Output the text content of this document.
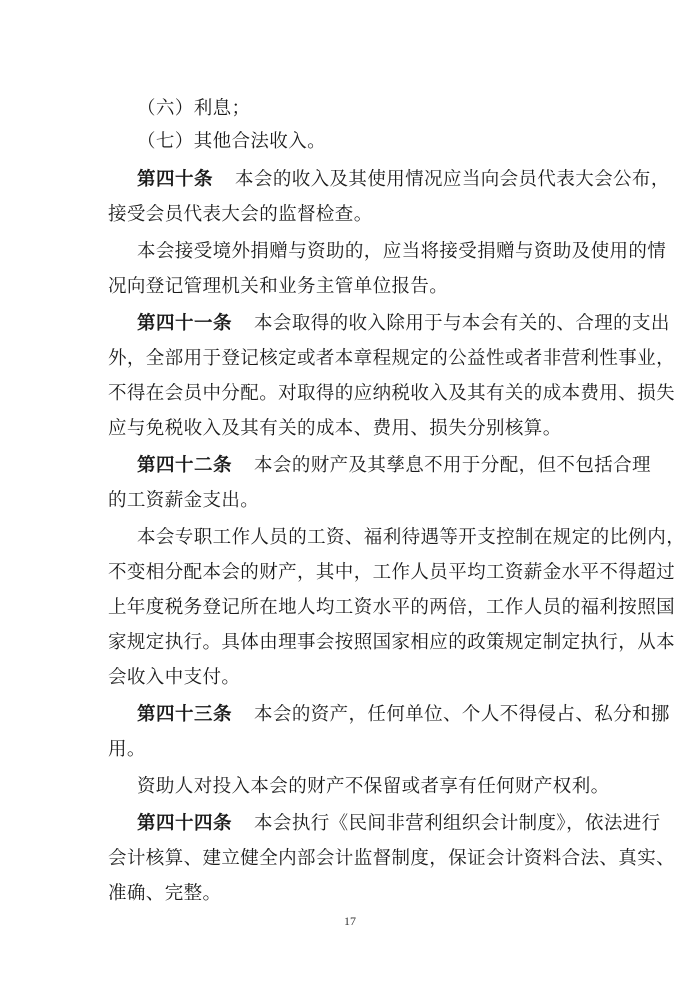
（六）利息；
（七）其他合法收入。
第四十条 本会的收入及其使用情况应当向会员代表大会公布，
接受会员代表大会的监督检查。
本会接受境外捐赠与资助的，应当将接受捐赠与资助及使用的情
况向登记管理机关和业务主管单位报告。
第四十一条 本会取得的收入除用于与本会有关的、合理的支出
外，全部用于登记核定或者本章程规定的公益性或者非营利性事业，
不得在会员中分配。对取得的应纳税收入及其有关的成本费用、损失
应与免税收入及其有关的成本、费用、损失分别核算。
第四十二条 本会的财产及其孳息不用于分配，但不包括合理
的工资薪金支出。
本会专职工作人员的工资、福利待遇等开支控制在规定的比例内，
不变相分配本会的财产，其中，工作人员平均工资薪金水平不得超过
上年度税务登记所在地人均工资水平的两倍，工作人员的福利按照国
家规定执行。具体由理事会按照国家相应的政策规定制定执行，从本
会收入中支付。
第四十三条 本会的资产，任何单位、个人不得侵占、私分和挪
用。
资助人对投入本会的财产不保留或者享有任何财产权利。
第四十四条 本会执行《民间非营利组织会计制度》，依法进行
会计核算、建立健全内部会计监督制度，保证会计资料合法、真实、
准确、完整。
17
